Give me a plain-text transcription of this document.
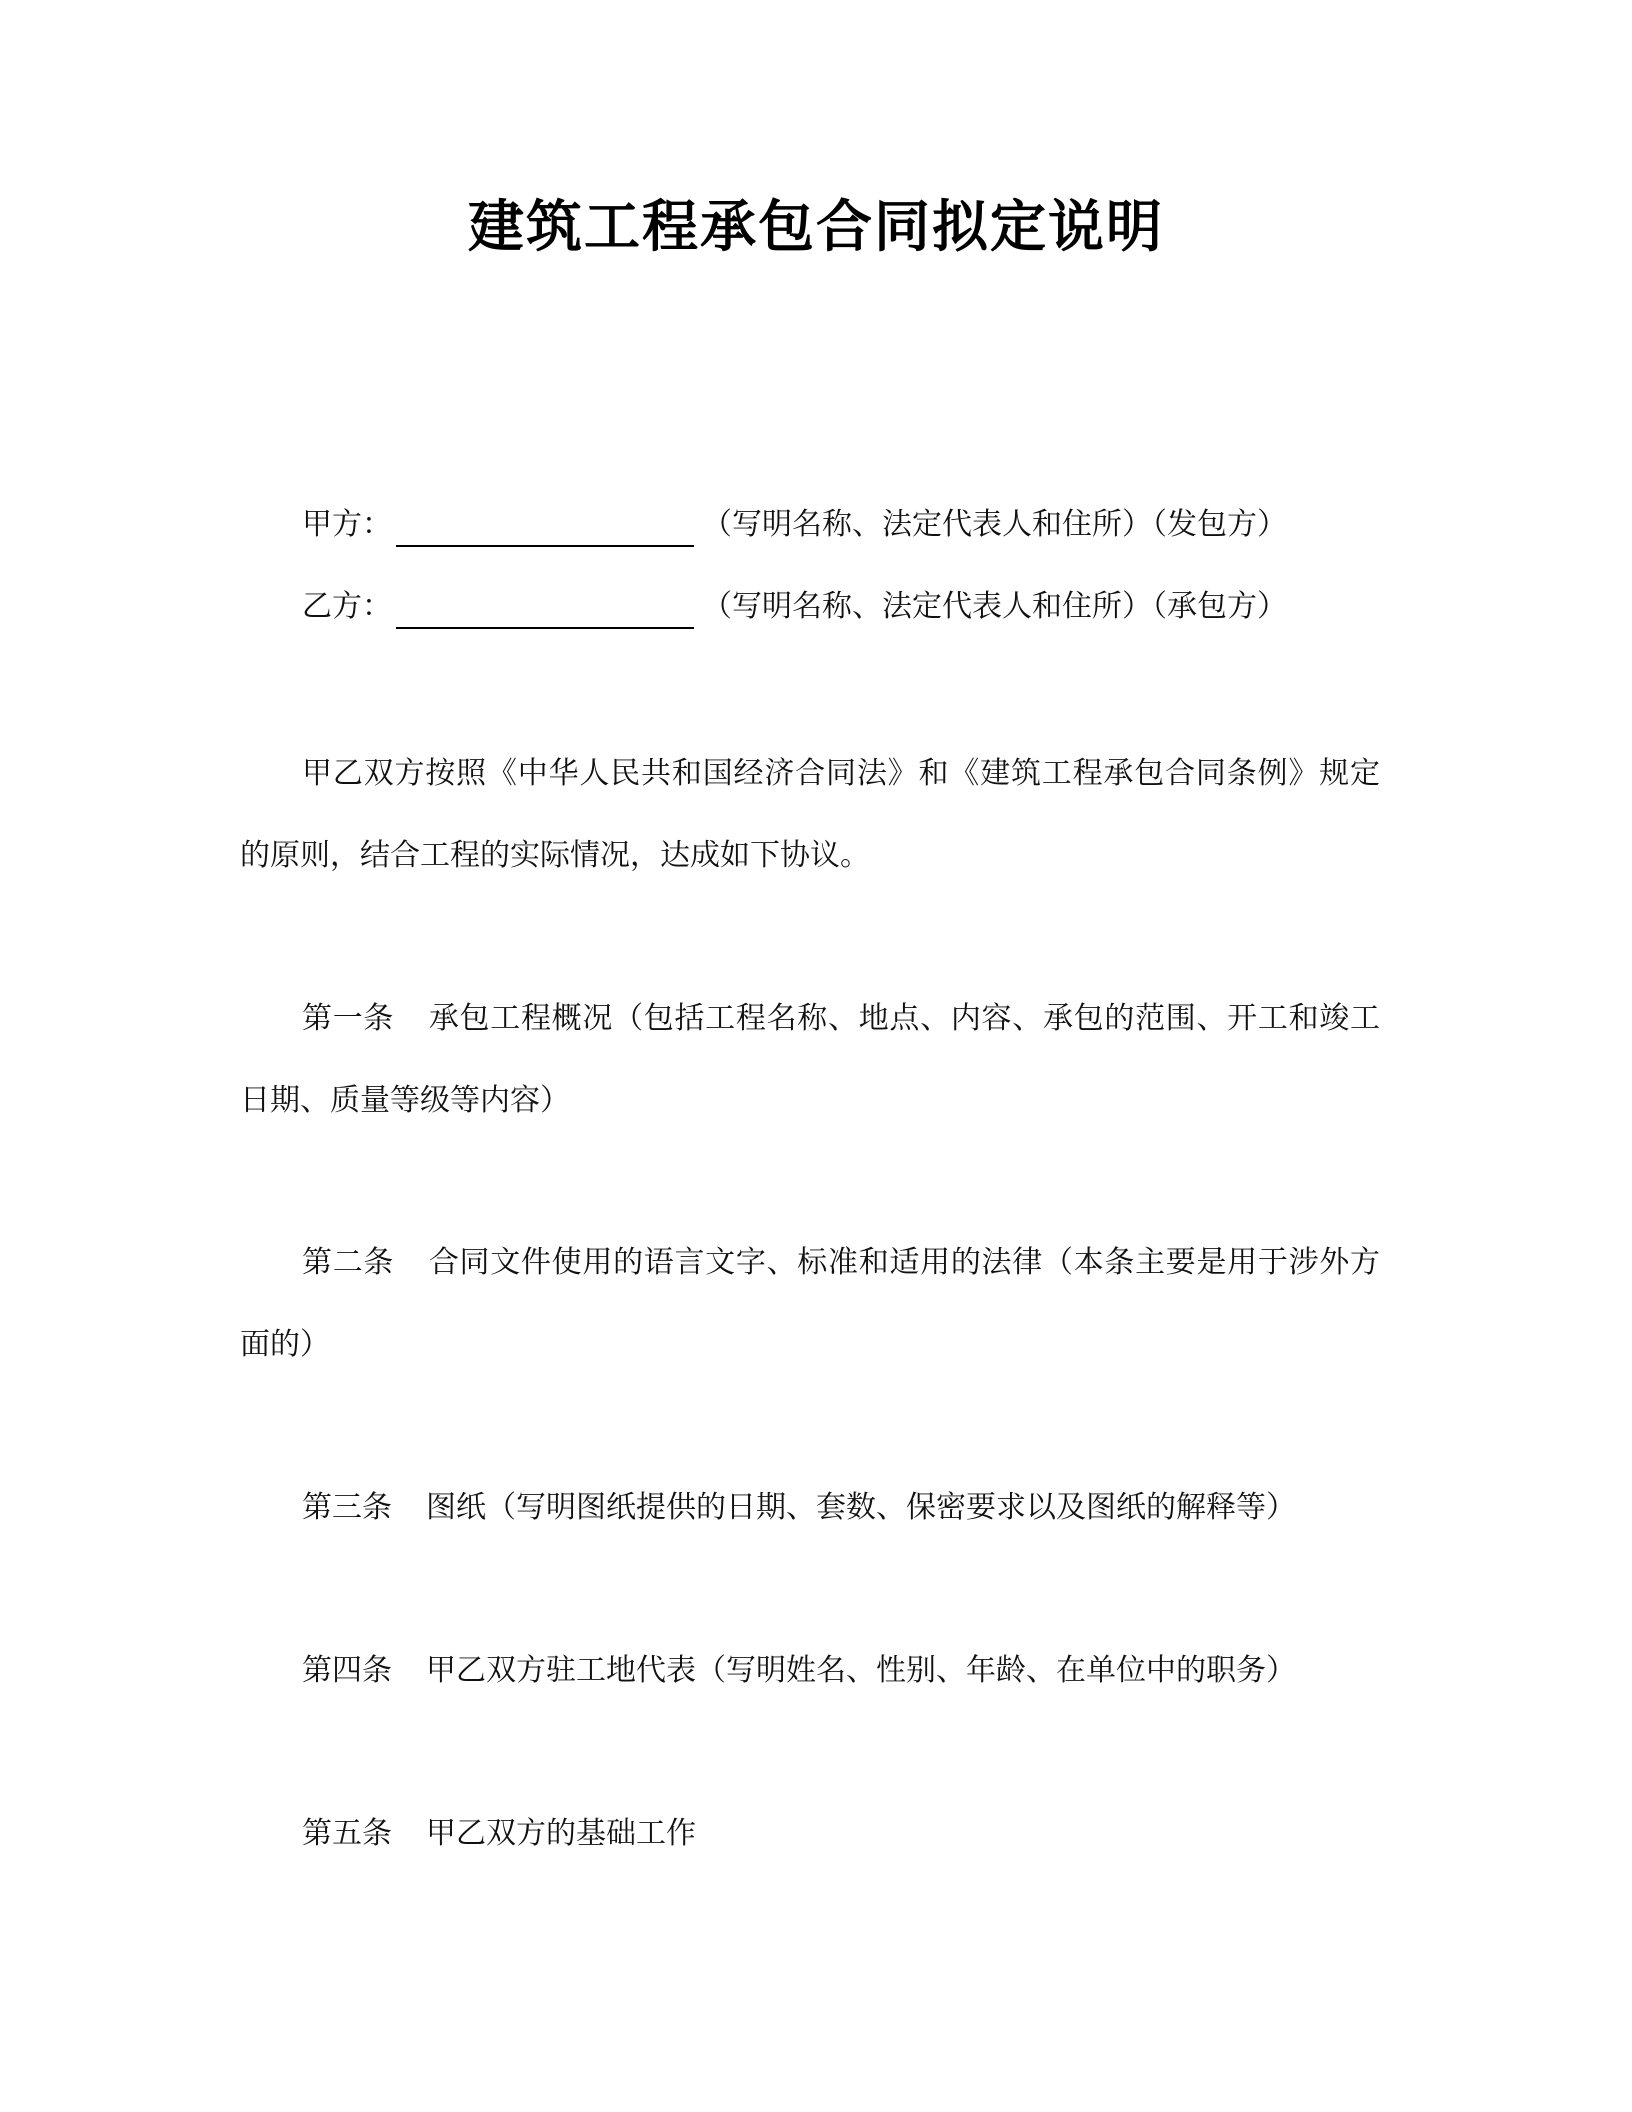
建筑工程承包合同拟定说明
甲方：	（写明名称、法定代表人和住所）（发包方）
乙方：	（写明名称、法定代表人和住所）（承包方）

甲乙双方按照《中华人民共和国经济合同法》和《建筑工程承包合同条例》规定的原则，结合工程的实际情况，达成如下协议。

第一条 承包工程概况（包括工程名称、地点、内容、承包的范围、开工和竣工日期、质量等级等内容）

第二条 合同文件使用的语言文字、标准和适用的法律（本条主要是用于涉外方面的）

第三条 图纸（写明图纸提供的日期、套数、保密要求以及图纸的解释等）

第四条 甲乙双方驻工地代表（写明姓名、性别、年龄、在单位中的职务）

第五条 甲乙双方的基础工作
